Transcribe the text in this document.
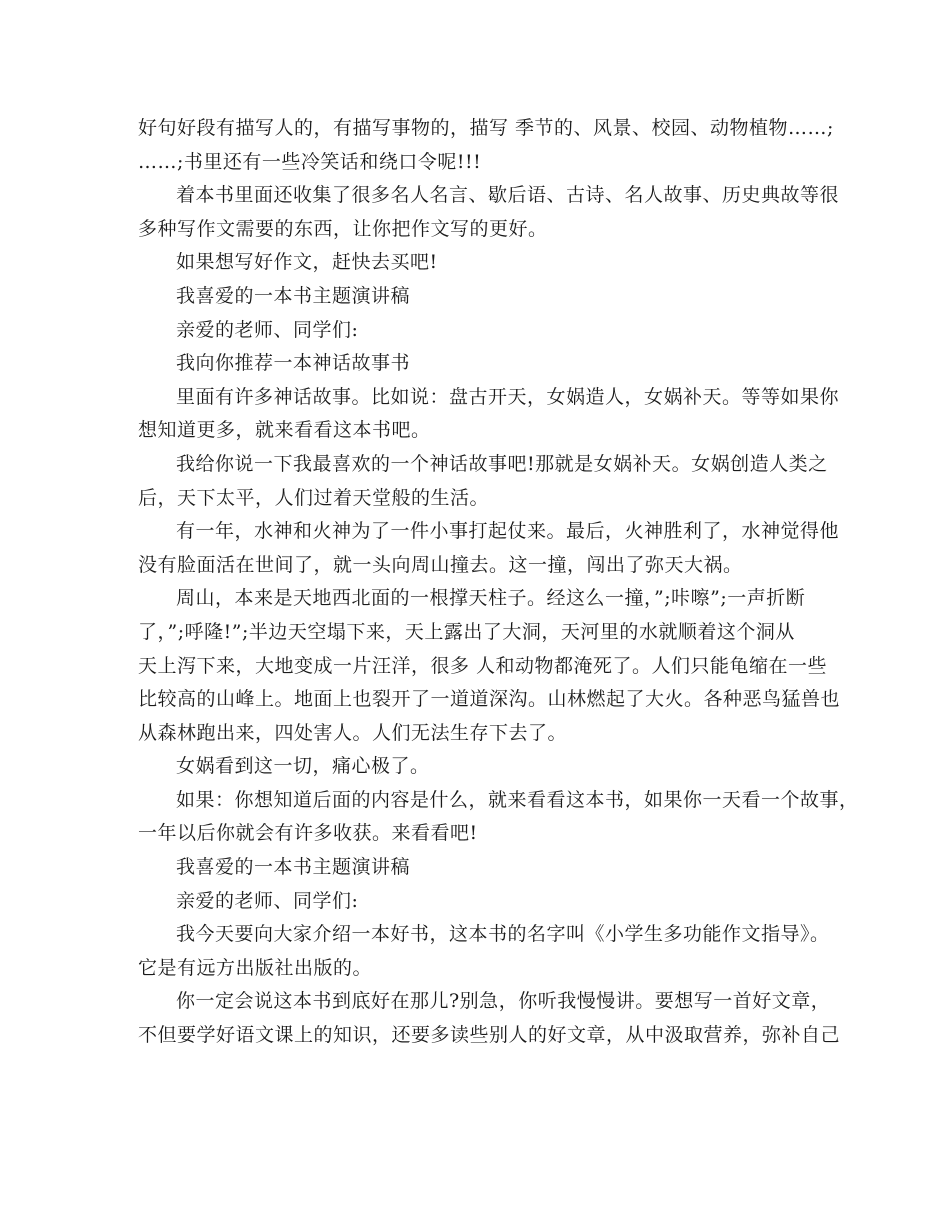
好句好段有描写人的，有描写事物的，描写 季节的、风景、校园、动物植物……;
……;书里还有一些冷笑话和绕口令呢!!!
着本书里面还收集了很多名人名言、歇后语、古诗、名人故事、历史典故等很
多种写作文需要的东西，让你把作文写的更好。
如果想写好作文，赶快去买吧!
我喜爱的一本书主题演讲稿
亲爱的老师、同学们:
我向你推荐一本神话故事书
里面有许多神话故事。比如说：盘古开天，女娲造人，女娲补天。等等如果你
想知道更多，就来看看这本书吧。
我给你说一下我最喜欢的一个神话故事吧!那就是女娲补天。女娲创造人类之
后，天下太平，人们过着天堂般的生活。
有一年，水神和火神为了一件小事打起仗来。最后，火神胜利了，水神觉得他
没有脸面活在世间了，就一头向周山撞去。这一撞，闯出了弥天大祸。
周山，本来是天地西北面的一根撑天柱子。经这么一撞，”;咔嚓”;一声折断
了，”;呼隆!”;半边天空塌下来，天上露出了大洞，天河里的水就顺着这个洞从
天上泻下来，大地变成一片汪洋，很多 人和动物都淹死了。人们只能龟缩在一些
比较高的山峰上。地面上也裂开了一道道深沟。山林燃起了大火。各种恶鸟猛兽也
从森林跑出来，四处害人。人们无法生存下去了。
女娲看到这一切，痛心极了。
如果：你想知道后面的内容是什么，就来看看这本书，如果你一天看一个故事，
一年以后你就会有许多收获。来看看吧!
我喜爱的一本书主题演讲稿
亲爱的老师、同学们:
我今天要向大家介绍一本好书，这本书的名字叫《小学生多功能作文指导》。
它是有远方出版社出版的。
你一定会说这本书到底好在那儿?别急，你听我慢慢讲。要想写一首好文章，
不但要学好语文课上的知识，还要多读些别人的好文章，从中汲取营养，弥补自己
